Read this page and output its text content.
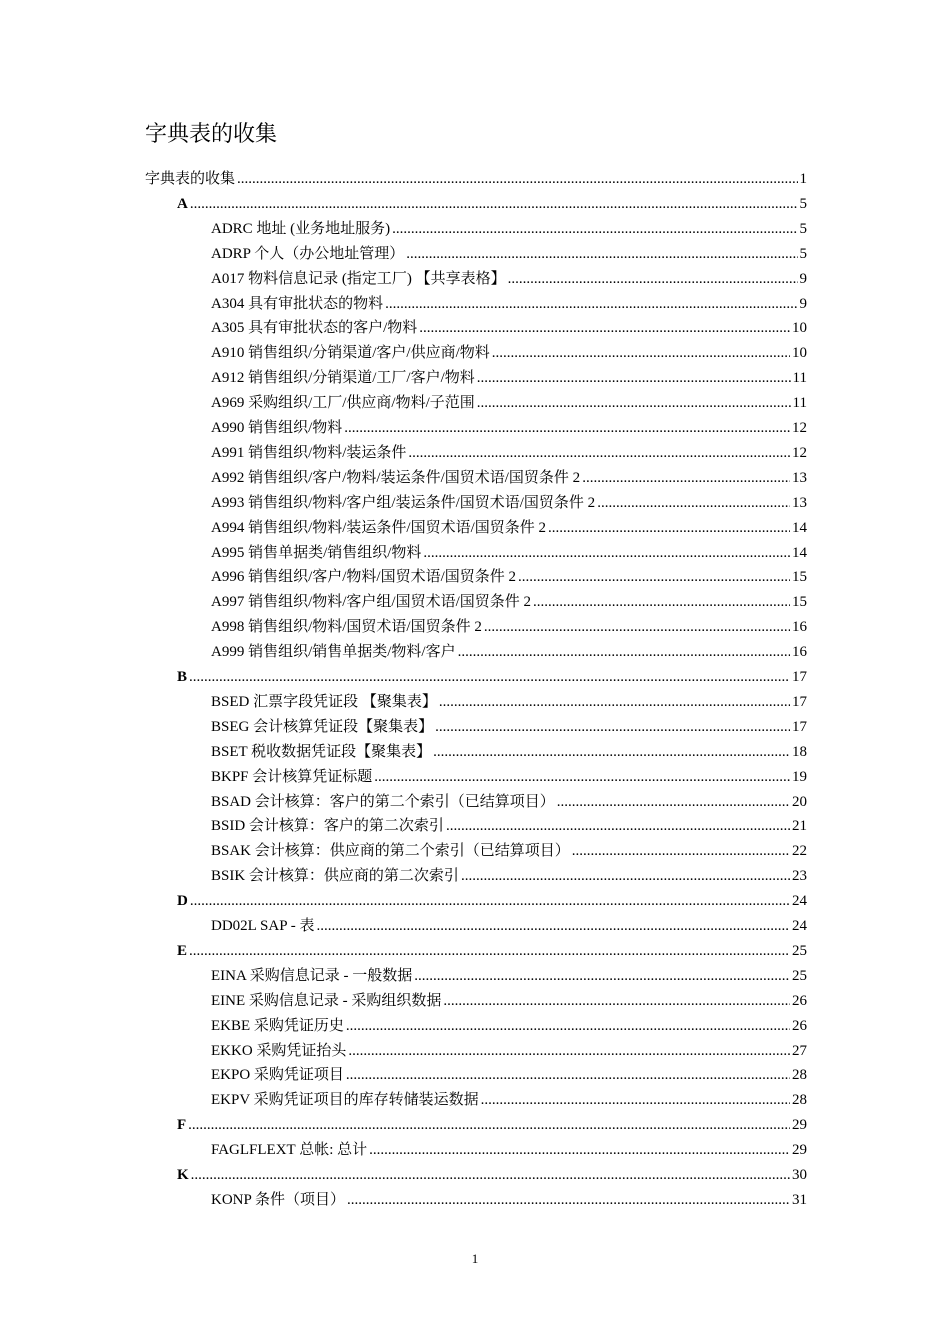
字典表的收集
字典表的收集 .....	1
A .....	5
ADRC 地址 (业务地址服务) .....	5
ADRP 个人（办公地址管理） .....	5
A017 物料信息记录 (指定工厂) 【共享表格】 .....	9
A304 具有审批状态的物料 .....	9
A305 具有审批状态的客户/物料 .....	10
A910 销售组织/分销渠道/客户/供应商/物料 .....	10
A912 销售组织/分销渠道/工厂/客户/物料 .....	11
A969 采购组织/工厂/供应商/物料/子范围 .....	11
A990 销售组织/物料 .....	12
A991 销售组织/物料/装运条件 .....	12
A992 销售组织/客户/物料/装运条件/国贸术语/国贸条件 2 .....	13
A993 销售组织/物料/客户组/装运条件/国贸术语/国贸条件 2 .....	13
A994 销售组织/物料/装运条件/国贸术语/国贸条件 2 .....	14
A995 销售单据类/销售组织/物料 .....	14
A996 销售组织/客户/物料/国贸术语/国贸条件 2 .....	15
A997 销售组织/物料/客户组/国贸术语/国贸条件 2 .....	15
A998 销售组织/物料/国贸术语/国贸条件 2 .....	16
A999 销售组织/销售单据类/物料/客户 .....	16
B .....	17
BSED 汇票字段凭证段 【聚集表】 .....	17
BSEG 会计核算凭证段【聚集表】 .....	17
BSET 税收数据凭证段【聚集表】 .....	18
BKPF 会计核算凭证标题 .....	19
BSAD 会计核算：客户的第二个索引（已结算项目） .....	20
BSID 会计核算：客户的第二次索引 .....	21
BSAK 会计核算：供应商的第二个索引（已结算项目） .....	22
BSIK 会计核算：供应商的第二次索引 .....	23
D .....	24
DD02L SAP - 表 .....	24
E .....	25
EINA 采购信息记录 - 一般数据 .....	25
EINE 采购信息记录 - 采购组织数据 .....	26
EKBE 采购凭证历史 .....	26
EKKO 采购凭证抬头 .....	27
EKPO 采购凭证项目 .....	28
EKPV 采购凭证项目的库存转储装运数据 .....	28
F .....	29
FAGLFLEXT 总帐: 总计 .....	29
K .....	30
KONP 条件（项目） .....	31
1
